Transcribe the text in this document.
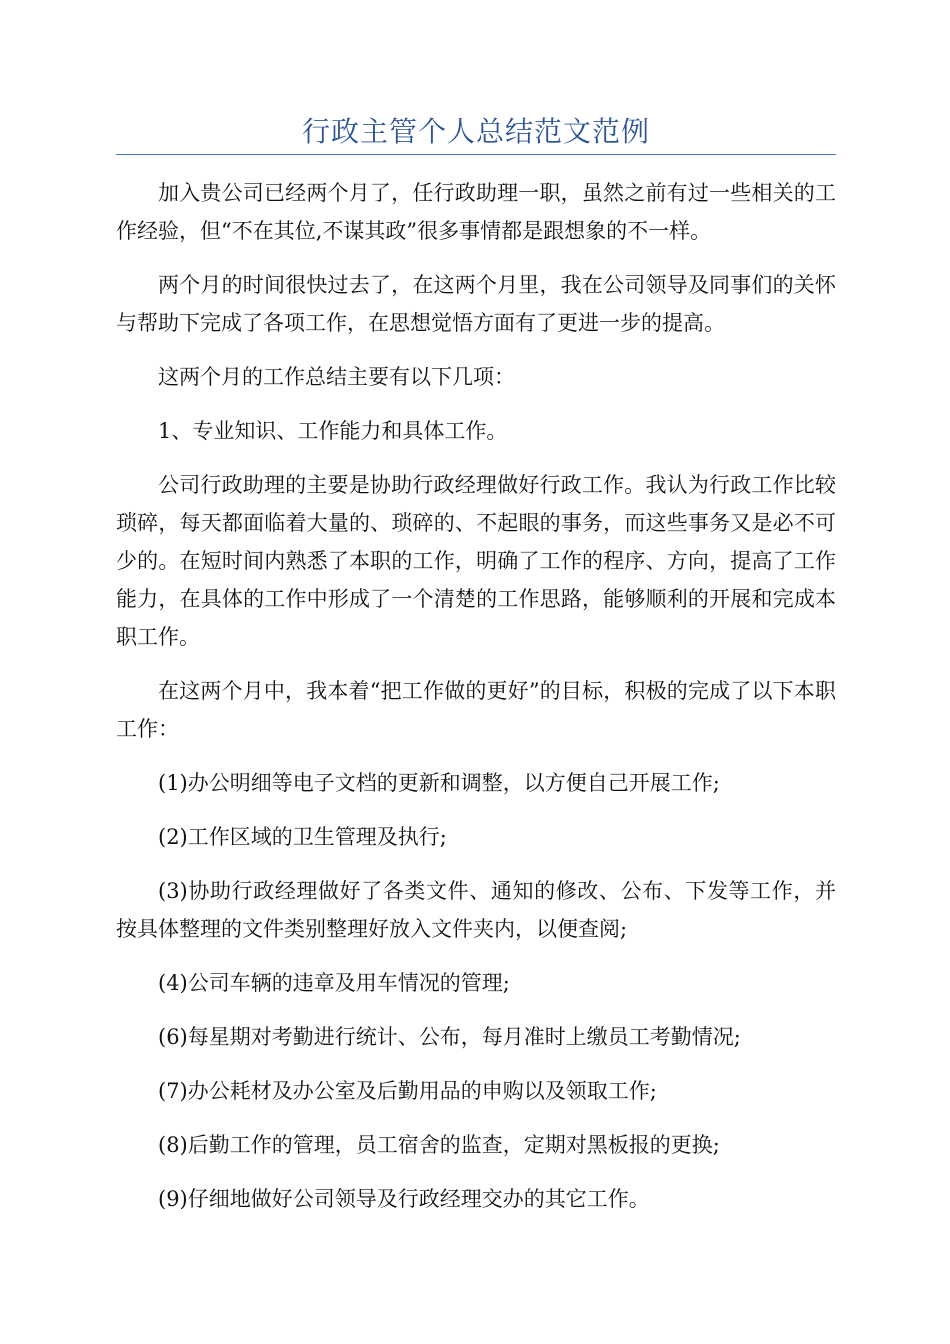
行政主管个人总结范文范例

加入贵公司已经两个月了，任行政助理一职，虽然之前有过一些相关的工作经验，但“不在其位,不谋其政”很多事情都是跟想象的不一样。

两个月的时间很快过去了，在这两个月里，我在公司领导及同事们的关怀与帮助下完成了各项工作，在思想觉悟方面有了更进一步的提高。

这两个月的工作总结主要有以下几项：

1、专业知识、工作能力和具体工作。

公司行政助理的主要是协助行政经理做好行政工作。我认为行政工作比较琐碎，每天都面临着大量的、琐碎的、不起眼的事务，而这些事务又是必不可少的。在短时间内熟悉了本职的工作，明确了工作的程序、方向，提高了工作能力，在具体的工作中形成了一个清楚的工作思路，能够顺利的开展和完成本职工作。

在这两个月中，我本着“把工作做的更好”的目标，积极的完成了以下本职工作：

(1)办公明细等电子文档的更新和调整，以方便自己开展工作;

(2)工作区域的卫生管理及执行;

(3)协助行政经理做好了各类文件、通知的修改、公布、下发等工作，并按具体整理的文件类别整理好放入文件夹内，以便查阅;

(4)公司车辆的违章及用车情况的管理;

(6)每星期对考勤进行统计、公布，每月准时上缴员工考勤情况;

(7)办公耗材及办公室及后勤用品的申购以及领取工作;

(8)后勤工作的管理，员工宿舍的监查，定期对黑板报的更换;

(9)仔细地做好公司领导及行政经理交办的其它工作。
